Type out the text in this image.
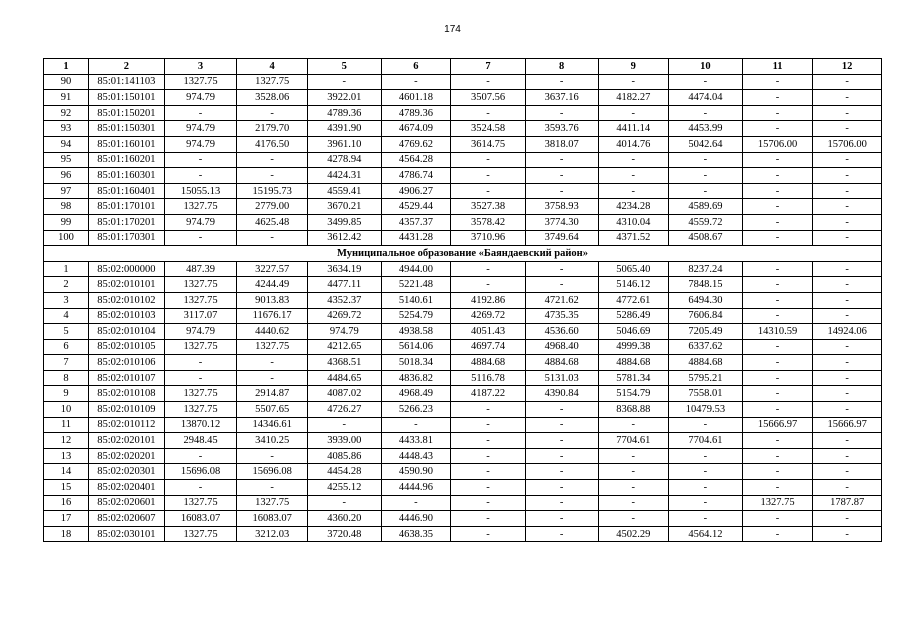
174
1	2	3	4	5	6	7	8	9	10	11	12
90	85:01:141103	1327.75	1327.75	-	-	-	-	-	-	-	-
91	85:01:150101	974.79	3528.06	3922.01	4601.18	3507.56	3637.16	4182.27	4474.04	-	-
92	85:01:150201	-	-	4789.36	4789.36	-	-	-	-	-	-
93	85:01:150301	974.79	2179.70	4391.90	4674.09	3524.58	3593.76	4411.14	4453.99	-	-
94	85:01:160101	974.79	4176.50	3961.10	4769.62	3614.75	3818.07	4014.76	5042.64	15706.00	15706.00
95	85:01:160201	-	-	4278.94	4564.28	-	-	-	-	-	-
96	85:01:160301	-	-	4424.31	4786.74	-	-	-	-	-	-
97	85:01:160401	15055.13	15195.73	4559.41	4906.27	-	-	-	-	-	-
98	85:01:170101	1327.75	2779.00	3670.21	4529.44	3527.38	3758.93	4234.28	4589.69	-	-
99	85:01:170201	974.79	4625.48	3499.85	4357.37	3578.42	3774.30	4310.04	4559.72	-	-
100	85:01:170301	-	-	3612.42	4431.28	3710.96	3749.64	4371.52	4508.67	-	-
Муниципальное образование «Баяндаевский район»											
1	85:02:000000	487.39	3227.57	3634.19	4944.00	-	-	5065.40	8237.24	-	-
2	85:02:010101	1327.75	4244.49	4477.11	5221.48	-	-	5146.12	7848.15	-	-
3	85:02:010102	1327.75	9013.83	4352.37	5140.61	4192.86	4721.62	4772.61	6494.30	-	-
4	85:02:010103	3117.07	11676.17	4269.72	5254.79	4269.72	4735.35	5286.49	7606.84	-	-
5	85:02:010104	974.79	4440.62	974.79	4938.58	4051.43	4536.60	5046.69	7205.49	14310.59	14924.06
6	85:02:010105	1327.75	1327.75	4212.65	5614.06	4697.74	4968.40	4999.38	6337.62	-	-
7	85:02:010106	-	-	4368.51	5018.34	4884.68	4884.68	4884.68	4884.68	-	-
8	85:02:010107	-	-	4484.65	4836.82	5116.78	5131.03	5781.34	5795.21	-	-
9	85:02:010108	1327.75	2914.87	4087.02	4968.49	4187.22	4390.84	5154.79	7558.01	-	-
10	85:02:010109	1327.75	5507.65	4726.27	5266.23	-	-	8368.88	10479.53	-	-
11	85:02:010112	13870.12	14346.61	-	-	-	-	-	-	15666.97	15666.97
12	85:02:020101	2948.45	3410.25	3939.00	4433.81	-	-	7704.61	7704.61	-	-
13	85:02:020201	-	-	4085.86	4448.43	-	-	-	-	-	-
14	85:02:020301	15696.08	15696.08	4454.28	4590.90	-	-	-	-	-	-
15	85:02:020401	-	-	4255.12	4444.96	-	-	-	-	-	-
16	85:02:020601	1327.75	1327.75	-	-	-	-	-	-	1327.75	1787.87
17	85:02:020607	16083.07	16083.07	4360.20	4446.90	-	-	-	-	-	-
18	85:02:030101	1327.75	3212.03	3720.48	4638.35	-	-	4502.29	4564.12	-	-
